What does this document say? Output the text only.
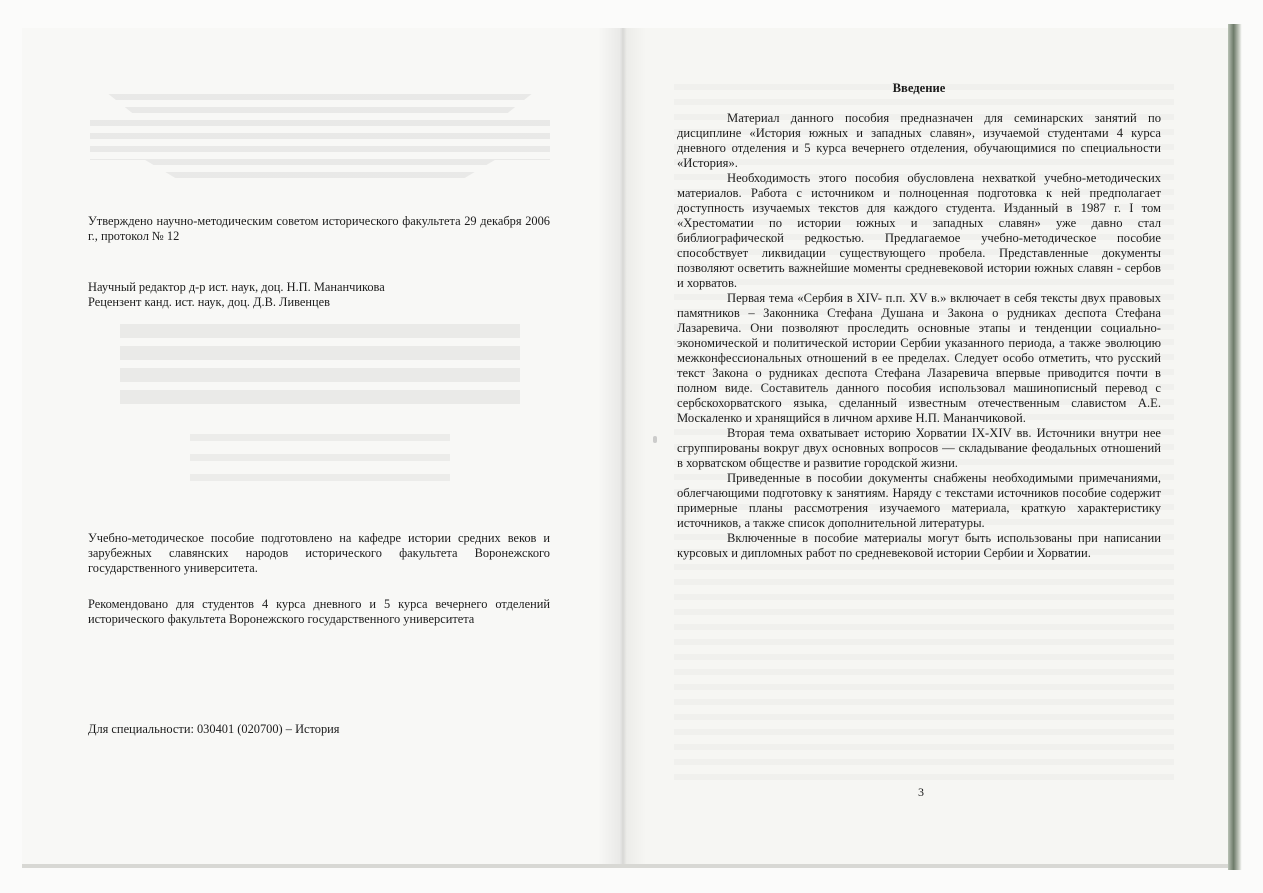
Утверждено научно-методическим советом исторического факультета 29 декабря 2006 г., протокол № 12
Научный редактор д-р ист. наук, доц. Н.П. Манaнчикова
Рецензент канд. ист. наук, доц. Д.В. Ливенцев
Учебно-методическое пособие подготовлено на кафедре истории средних веков и зарубежных славянских народов исторического факультета Воронежского государственного университета.
Рекомендовано для студентов 4 курса дневного и 5 курса вечернего отделений исторического факультета Воронежского государственного университета
Для специальности: 030401 (020700) – История
Введение

Материал данного пособия предназначен для семинарских занятий по дисциплине «История южных и западных славян», изучаемой студентами 4 курса дневного отделения и 5 курса вечернего отделения, обучающимися по специальности «История».

Необходимость этого пособия обусловлена нехваткой учебно-методических материалов. Работа с источником и полноценная подготовка к ней предполагает доступность изучаемых текстов для каждого студента. Изданный в 1987 г. I том «Хрестоматии по истории южных и западных славян» уже давно стал библиографической редкостью. Предлагаемое учебно-методическое пособие способствует ликвидации существующего пробела. Представленные документы позволяют осветить важнейшие моменты средневековой истории южных славян - сербов и хорватов.

Первая тема «Сербия в XIV- п.п. XV в.» включает в себя тексты двух правовых памятников – Законника Стефана Душана и Закона о рудниках деспота Стефана Лазаревича. Они позволяют проследить основные этапы и тенденции социально-экономической и политической истории Сербии указанного периода, а также эволюцию межконфессиональных отношений в ее пределах. Следует особо отметить, что русский текст Закона о рудниках деспота Стефана Лазаревича впервые приводится почти в полном виде. Составитель данного пособия использовал машинописный перевод с сербскохорватского языка, сделанный известным отечественным славистом А.Е. Москаленко и хранящийся в личном архиве Н.П. Манaнчиковой.

Вторая тема охватывает историю Хорватии IX-XIV вв. Источники внутри нее сгруппированы вокруг двух основных вопросов — складывание феодальных отношений в хорватском обществе и развитие городской жизни.

Приведенные в пособии документы снабжены необходимыми примечаниями, облегчающими подготовку к занятиям. Наряду с текстами источников пособие содержит примерные планы рассмотрения изучаемого материала, краткую характеристику источников, а также список дополнительной литературы.

Включенные в пособие материалы могут быть использованы при написании курсовых и дипломных работ по средневековой истории Сербии и Хорватии.

3
